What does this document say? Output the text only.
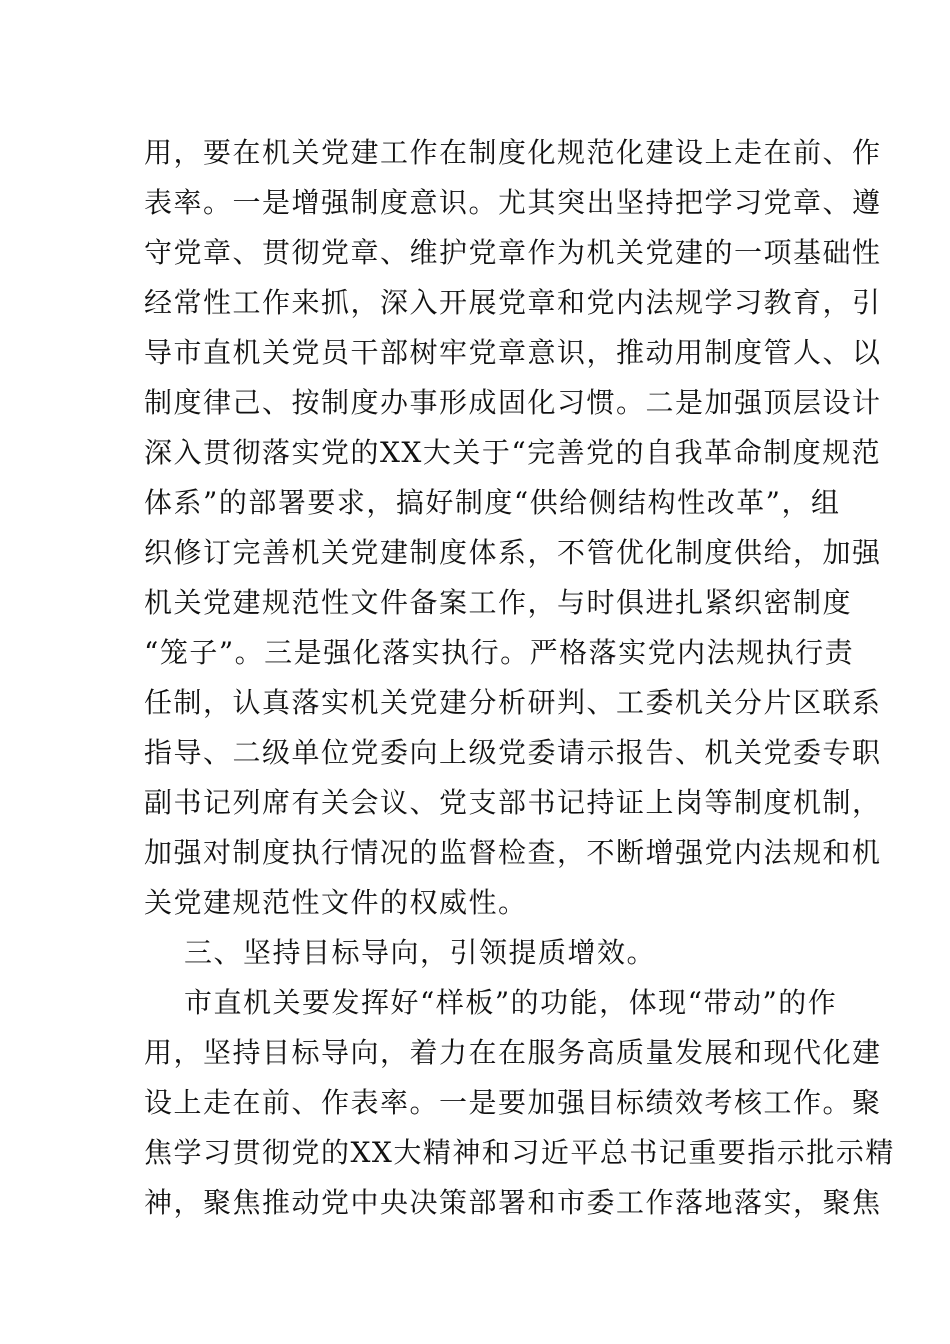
用，要在机关党建工作在制度化规范化建设上走在前、作
表率。一是增强制度意识。尤其突出坚持把学习党章、遵
守党章、贯彻党章、维护党章作为机关党建的一项基础性
经常性工作来抓，深入开展党章和党内法规学习教育，引
导市直机关党员干部树牢党章意识，推动用制度管人、以
制度律己、按制度办事形成固化习惯。二是加强顶层设计
深入贯彻落实党的XX大关于“完善党的自我革命制度规范
体系”的部署要求，搞好制度“供给侧结构性改革”，组
织修订完善机关党建制度体系，不管优化制度供给，加强
机关党建规范性文件备案工作，与时俱进扎紧织密制度
“笼子”。三是强化落实执行。严格落实党内法规执行责
任制，认真落实机关党建分析研判、工委机关分片区联系
指导、二级单位党委向上级党委请示报告、机关党委专职
副书记列席有关会议、党支部书记持证上岗等制度机制，
加强对制度执行情况的监督检查，不断增强党内法规和机
关党建规范性文件的权威性。
三、坚持目标导向，引领提质增效。
市直机关要发挥好“样板”的功能，体现“带动”的作
用，坚持目标导向，着力在在服务高质量发展和现代化建
设上走在前、作表率。一是要加强目标绩效考核工作。聚
焦学习贯彻党的XX大精神和习近平总书记重要指示批示精
神，聚焦推动党中央决策部署和市委工作落地落实，聚焦
